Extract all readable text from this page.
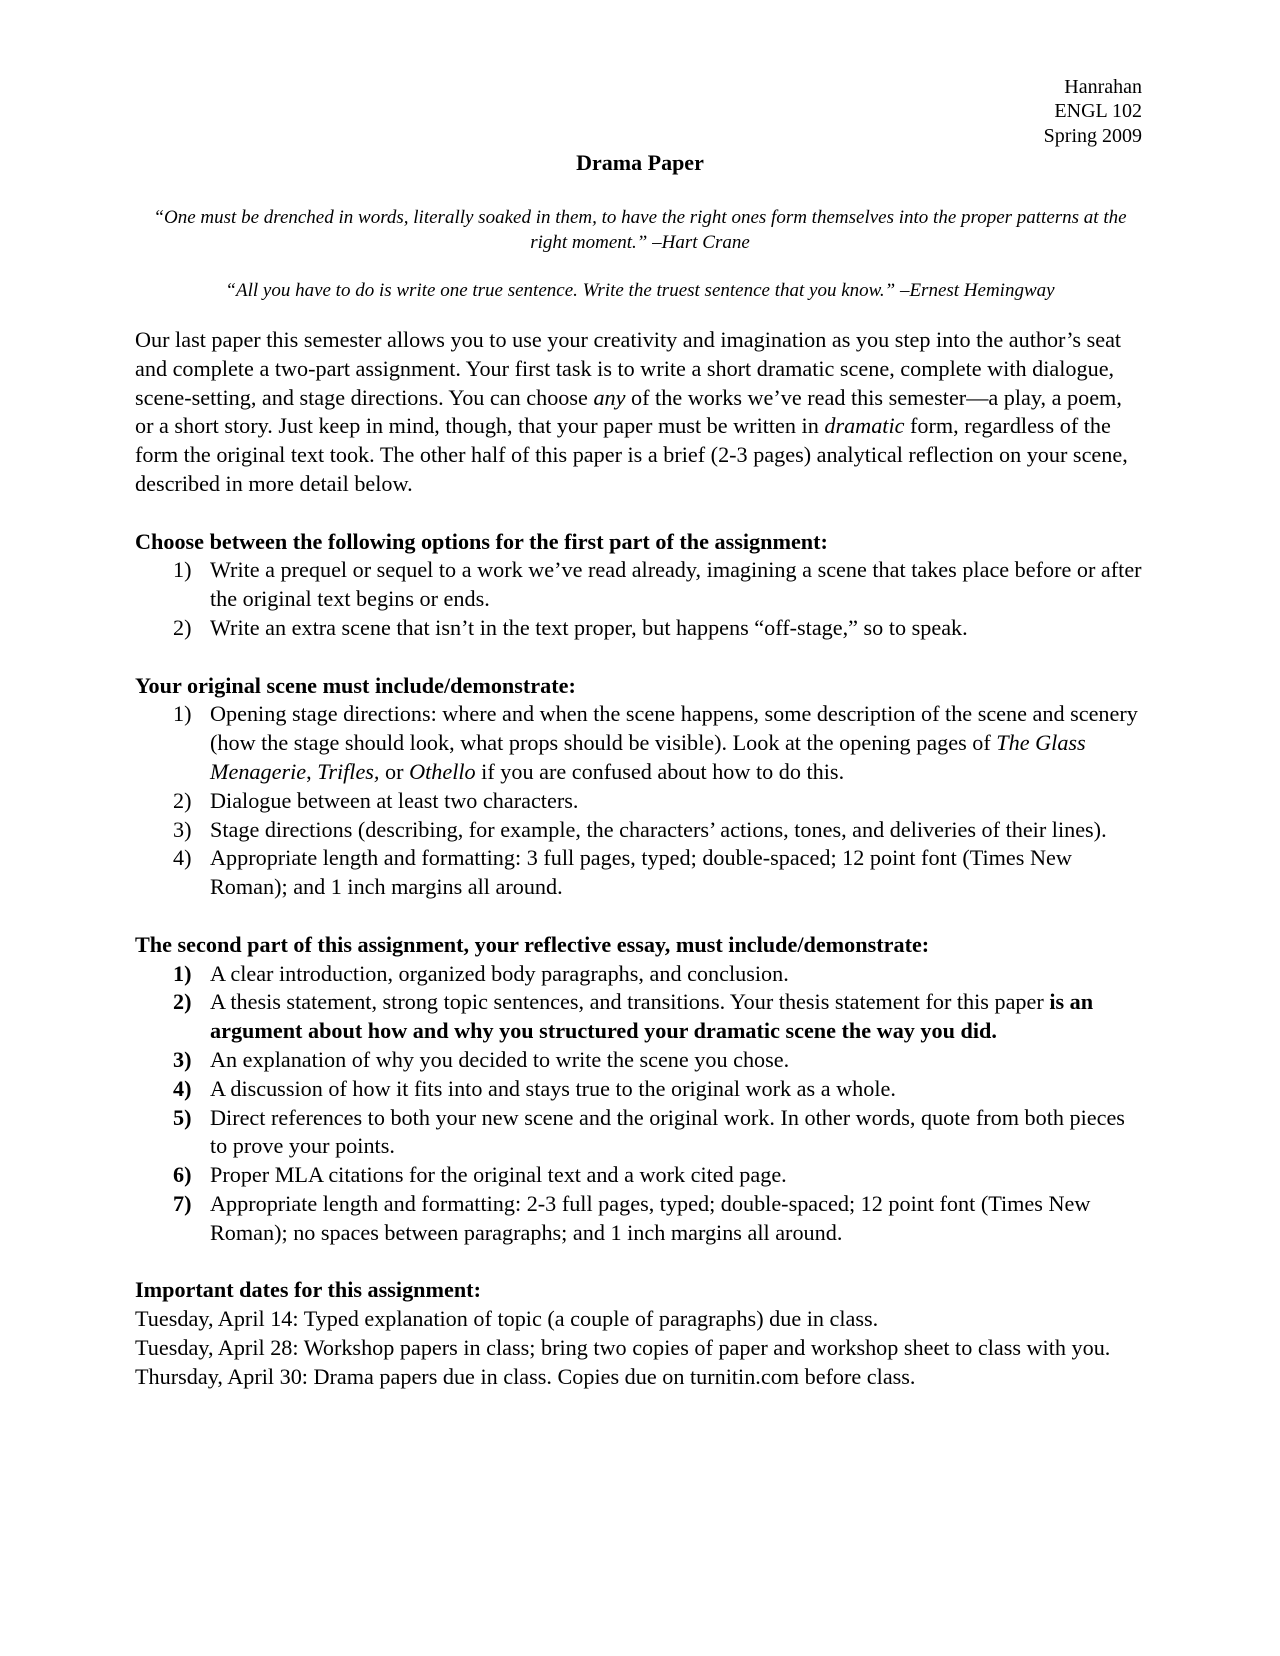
Hanrahan
ENGL 102
Spring 2009
Drama Paper
“One must be drenched in words, literally soaked in them, to have the right ones form themselves into the proper patterns at the right moment.” –Hart Crane
“All you have to do is write one true sentence. Write the truest sentence that you know.” –Ernest Hemingway

Our last paper this semester allows you to use your creativity and imagination as you step into the author’s seat and complete a two-part assignment. Your first task is to write a short dramatic scene, complete with dialogue, scene-setting, and stage directions. You can choose any of the works we’ve read this semester—a play, a poem, or a short story. Just keep in mind, though, that your paper must be written in dramatic form, regardless of the form the original text took. The other half of this paper is a brief (2-3 pages) analytical reflection on your scene, described in more detail below.

Choose between the following options for the first part of the assignment:

1) Write a prequel or sequel to a work we’ve read already, imagining a scene that takes place before or after the original text begins or ends.
2) Write an extra scene that isn’t in the text proper, but happens “off-stage,” so to speak.

Your original scene must include/demonstrate:

1) Opening stage directions: where and when the scene happens, some description of the scene and scenery (how the stage should look, what props should be visible). Look at the opening pages of The Glass Menagerie, Trifles, or Othello if you are confused about how to do this.
2) Dialogue between at least two characters.
3) Stage directions (describing, for example, the characters’ actions, tones, and deliveries of their lines).
4) Appropriate length and formatting: 3 full pages, typed; double-spaced; 12 point font (Times New Roman); and 1 inch margins all around.

The second part of this assignment, your reflective essay, must include/demonstrate:

1) A clear introduction, organized body paragraphs, and conclusion.
2) A thesis statement, strong topic sentences, and transitions. Your thesis statement for this paper is an argument about how and why you structured your dramatic scene the way you did.
3) An explanation of why you decided to write the scene you chose.
4) A discussion of how it fits into and stays true to the original work as a whole.
5) Direct references to both your new scene and the original work. In other words, quote from both pieces to prove your points.
6) Proper MLA citations for the original text and a work cited page.
7) Appropriate length and formatting: 2-3 full pages, typed; double-spaced; 12 point font (Times New Roman); no spaces between paragraphs; and 1 inch margins all around.

Important dates for this assignment:

Tuesday, April 14: Typed explanation of topic (a couple of paragraphs) due in class.

Tuesday, April 28: Workshop papers in class; bring two copies of paper and workshop sheet to class with you.

Thursday, April 30: Drama papers due in class. Copies due on turnitin.com before class.
